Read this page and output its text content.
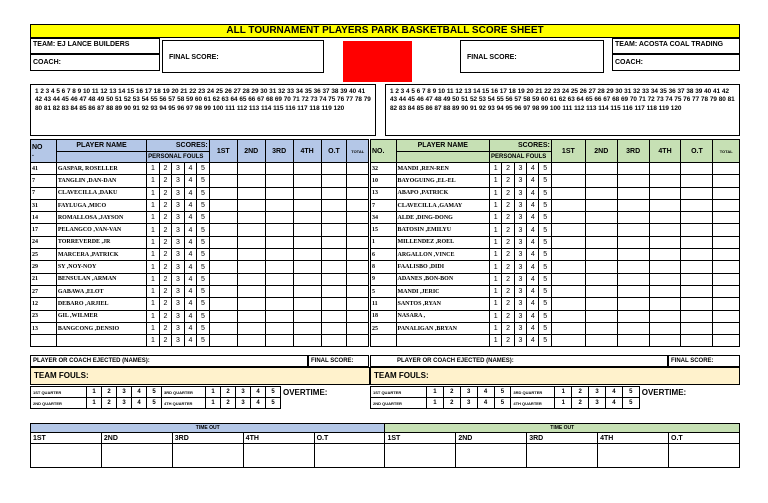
ALL TOURNAMENT PLAYERS PARK BASKETBALL SCORE SHEET
TEAM: EJ LANCE BUILDERS
COACH:
FINAL SCORE:	FINAL SCORE:
TEAM: ACOSTA COAL TRADING
COACH:
1 2 3 4 5 6 7 8 9 10 11 12 13 14 15 16 17 18 19 20 21 22 23 24 25 26 27 28 29 30 31 32 33 34 35 36 37 38 39 40 41 42 43 44 45 46 47 48 49 50 51 52 53 54 55 56 57 58 59 60 61 62 63 64 65 66 67 68 69 70 71 72 73 74 75 76 77 78 79 80 81 82 83 84 85 86 87 88 89 90 91 92 93 94 95 96 97 98 99 100 111 112 113 114 115 116 117 118 119 120
1 2 3 4 5 6 7 8 9 10 11 12 13 14 15 16 17 18 19 20 21 22 23 24 25 26 27 28 29 30 31 32 33 34 35 36 37 38 39 40 41 42 43 44 45 46 47 48 49 50 51 52 53 54 55 56 57 58 59 60 61 62 63 64 65 66 67 68 69 70 71 72 73 74 75 76 77 78 79 80 81 82 83 84 85 86 87 88 89 90 91 92 93 94 95 96 97 98 99 100 111 112 113 114 115 116 117 118 119 120
NO
.	PLAYER NAME	SCORES:					1ST	2ND	3RD	4TH	O.T	TOTAL
		PERSONAL FOULS										
41	GASPAR, ROSELLER	1	2	3	4	5						
7	TANGLIN ,DAN-DAN	1	2	3	4	5						
7	CLAVECILLA ,DAKU	1	2	3	4	5						
31	FAYLUGA ,MICO	1	2	3	4	5						
14	ROMALLOSA ,JAYSON	1	2	3	4	5						
17	PELANGCO ,VAN-VAN	1	2	3	4	5						
24	TORREVERDE ,JR	1	2	3	4	5						
25	MARCERA ,PATRICK	1	2	3	4	5						
29	SY ,NOY-NOY	1	2	3	4	5						
21	BENSULAN ,ARMAN	1	2	3	4	5						
27	GABAWA ,ELOT	1	2	3	4	5						
12	DEBARO ,ARJIEL	1	2	3	4	5						
23	GIL ,WILMER	1	2	3	4	5						
13	BANGCONG ,DENSIO	1	2	3	4	5						
		1	2	3	4	5						
NO.	PLAYER NAME	SCORES:					1ST	2ND	3RD	4TH	O.T	TOTAL
		PERSONAL FOULS										
32	MANDI ,REN-REN	1	2	3	4	5						
10	BAYOGUING ,EL-EL	1	2	3	4	5						
13	ABAPO ,PATRICK	1	2	3	4	5						
7	CLAVECILLA ,GAMAY	1	2	3	4	5						
34	ALDE ,DING-DONG	1	2	3	4	5						
15	BATOSIN ,EMILYU	1	2	3	4	5						
1	MILLENDEZ ,ROEL	1	2	3	4	5						
6	ARGALLON ,VINCE	1	2	3	4	5						
8	FAALISBO ,DIDI	1	2	3	4	5						
9	ADANES ,BON-BON	1	2	3	4	5						
5	MANDI ,JERIC	1	2	3	4	5						
11	SANTOS ,RYAN	1	2	3	4	5						
18	NASARA ,	1	2	3	4	5						
25	PANALIGAN ,BRYAN	1	2	3	4	5						
		1	2	3	4	5						
PLAYER OR COACH EJECTED (NAMES):	FINAL SCORE:	PLAYER OR COACH EJECTED (NAMES):	FINAL SCORE:
TEAM FOULS:	TEAM FOULS:
1ST QUARTER	1	2	3	4	5	3RD QUARTER	1	2	3	4	5	OVERTIME:
2ND QUARTER	1	2	3	4	5	4TH QUARTER	1	2	3	4	5	
1ST QUARTER	1	2	3	4	5	3RD QUARTER	1	2	3	4	5	OVERTIME:
2ND QUARTER	1	2	3	4	5	4TH QUARTER	1	2	3	4	5	
TIME OUT					TIME OUT				
1ST	2ND	3RD	4TH	O.T	1ST	2ND	3RD	4TH	O.T
